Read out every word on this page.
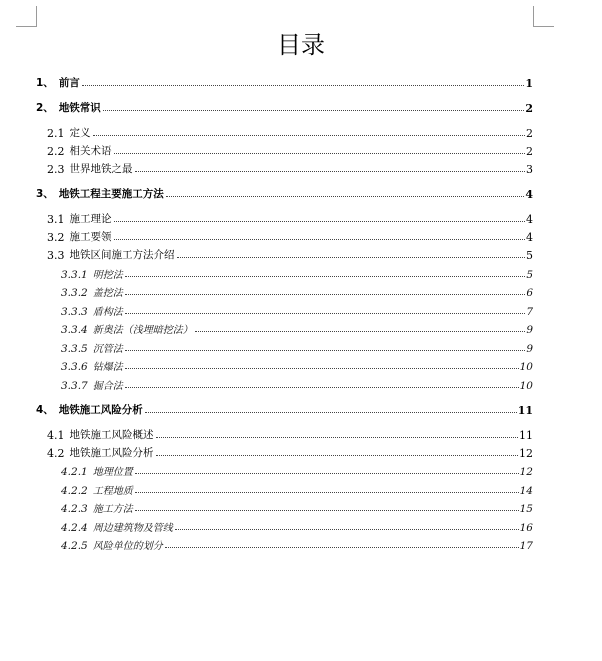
目录
1、 前言	1
2、 地铁常识	2
2.1 定义	2
2.2 相关术语	2
2.3 世界地铁之最	3
3、 地铁工程主要施工方法	4
3.1 施工理论	4
3.2 施工要领	4
3.3 地铁区间施工方法介绍	5
3.3.1 明挖法	5
3.3.2 盖挖法	6
3.3.3 盾构法	7
3.3.4 新奥法（浅埋暗挖法）	9
3.3.5 沉管法	9
3.3.6 钻爆法	10
3.3.7 掘合法	10
4、 地铁施工风险分析	11
4.1 地铁施工风险概述	11
4.2 地铁施工风险分析	12
4.2.1 地理位置	12
4.2.2 工程地质	14
4.2.3 施工方法	15
4.2.4 周边建筑物及管线	16
4.2.5 风险单位的划分	17
